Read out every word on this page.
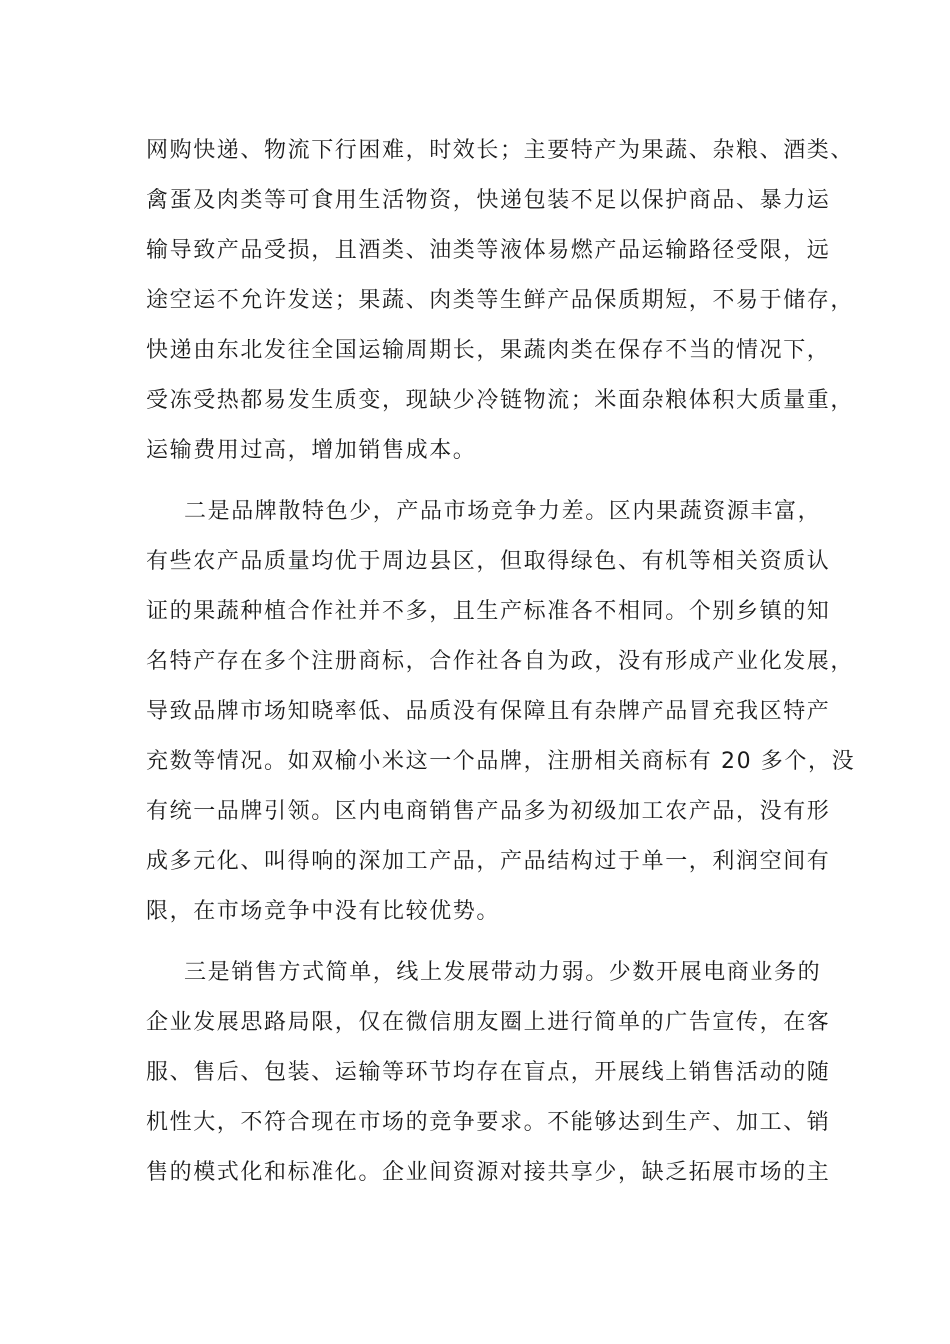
网购快递、物流下行困难，时效长；主要特产为果蔬、杂粮、酒类、
禽蛋及肉类等可食用生活物资，快递包装不足以保护商品、暴力运
输导致产品受损，且酒类、油类等液体易燃产品运输路径受限，远
途空运不允许发送；果蔬、肉类等生鲜产品保质期短，不易于储存，
快递由东北发往全国运输周期长，果蔬肉类在保存不当的情况下，
受冻受热都易发生质变，现缺少冷链物流；米面杂粮体积大质量重，
运输费用过高，增加销售成本。
二是品牌散特色少，产品市场竞争力差。区内果蔬资源丰富，
有些农产品质量均优于周边县区，但取得绿色、有机等相关资质认
证的果蔬种植合作社并不多，且生产标准各不相同。个别乡镇的知
名特产存在多个注册商标，合作社各自为政，没有形成产业化发展，
导致品牌市场知晓率低、品质没有保障且有杂牌产品冒充我区特产
充数等情况。如双榆小米这一个品牌，注册相关商标有 20 多个，没
有统一品牌引领。区内电商销售产品多为初级加工农产品，没有形
成多元化、叫得响的深加工产品，产品结构过于单一，利润空间有
限，在市场竞争中没有比较优势。
三是销售方式简单，线上发展带动力弱。少数开展电商业务的
企业发展思路局限，仅在微信朋友圈上进行简单的广告宣传，在客
服、售后、包装、运输等环节均存在盲点，开展线上销售活动的随
机性大，不符合现在市场的竞争要求。不能够达到生产、加工、销
售的模式化和标准化。企业间资源对接共享少，缺乏拓展市场的主
